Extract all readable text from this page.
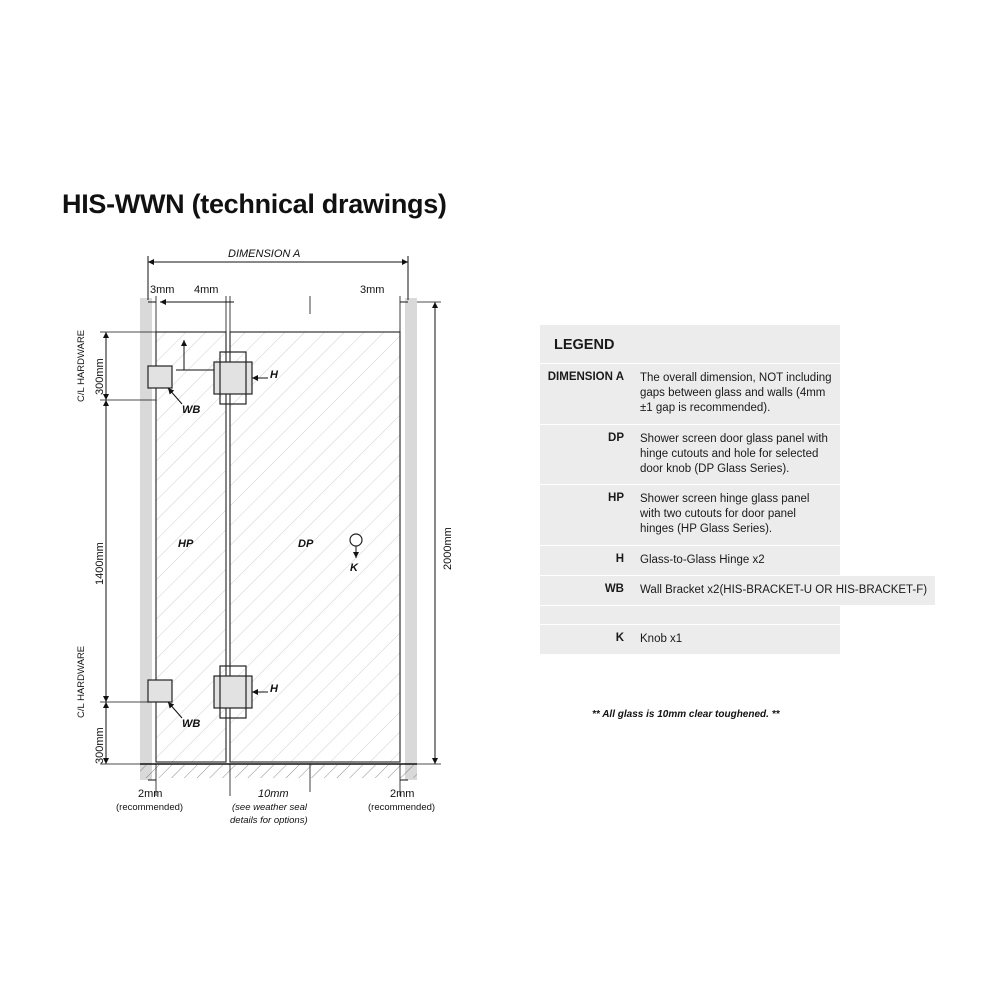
HIS-WWN (technical drawings)
DIMENSION A
3mm 4mm	3mm
C/L HARDWARE 300mm
1400mm
C/L HARDWARE
300mm
2000mm
HP	DP
K
H
H
WB
WB
2mm
(recommended)
10mm
(see weather seal
details for options)
2mm
(recommended)
LEGEND
DIMENSION A	The overall dimension, NOT including gaps between glass and walls (4mm ±1 gap is recommended).
DP	Shower screen door glass panel with hinge cutouts and hole for selected door knob (DP Glass Series).
HP	Shower screen hinge glass panel with two cutouts for door panel hinges (HP Glass Series).
H	Glass-to-Glass Hinge x2
WB	Wall Bracket x2(HIS-BRACKET-U OR HIS-BRACKET-F)
K	Knob x1
** All glass is 10mm clear toughened. **
